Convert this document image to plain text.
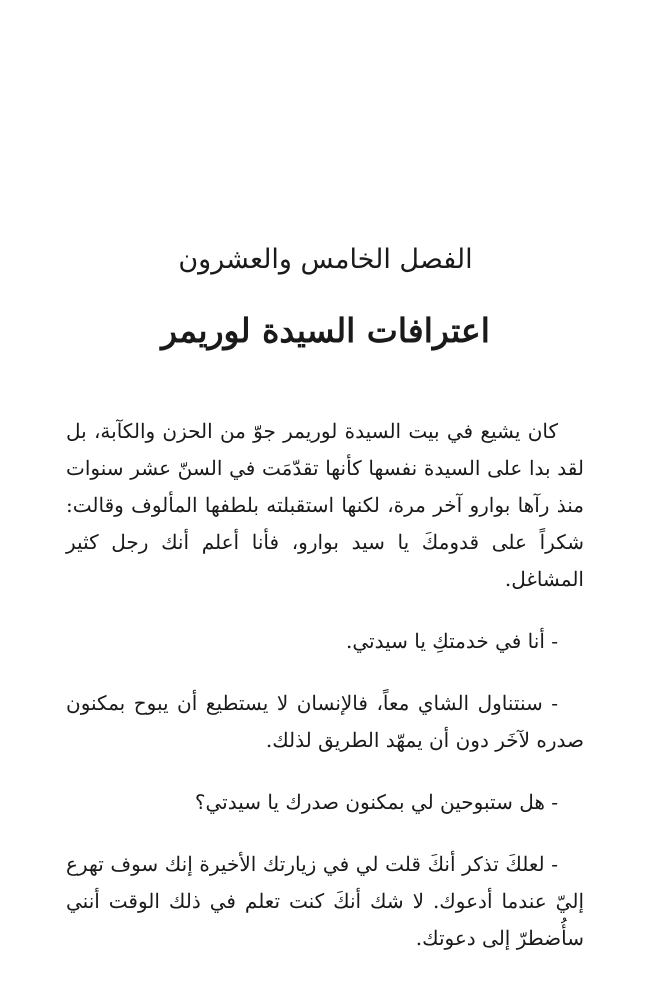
الفصل الخامس والعشرون
اعترافات السيدة لوريمر

كان يشيع في بيت السيدة لوريمر جوّ من الحزن والكآبة، بل لقد بدا على السيدة نفسها كأنها تقدّمَت في السنّ عشر سنوات منذ رآها بوارو آخر مرة، لكنها استقبلته بلطفها المألوف وقالت: شكراً على قدومكَ يا سيد بوارو، فأنا أعلم أنك رجل كثير المشاغل.

- أنا في خدمتكِ يا سيدتي.

- سنتناول الشاي معاً، فالإنسان لا يستطيع أن يبوح بمكنون صدره لآخَر دون أن يمهّد الطريق لذلك.

- هل ستبوحين لي بمكنون صدرك يا سيدتي؟

- لعلكَ تذكر أنكَ قلت لي في زيارتك الأخيرة إنك سوف تهرع إليّ عندما أدعوك. لا شك أنكَ كنت تعلم في ذلك الوقت أنني سأُضطرّ إلى دعوتك.
